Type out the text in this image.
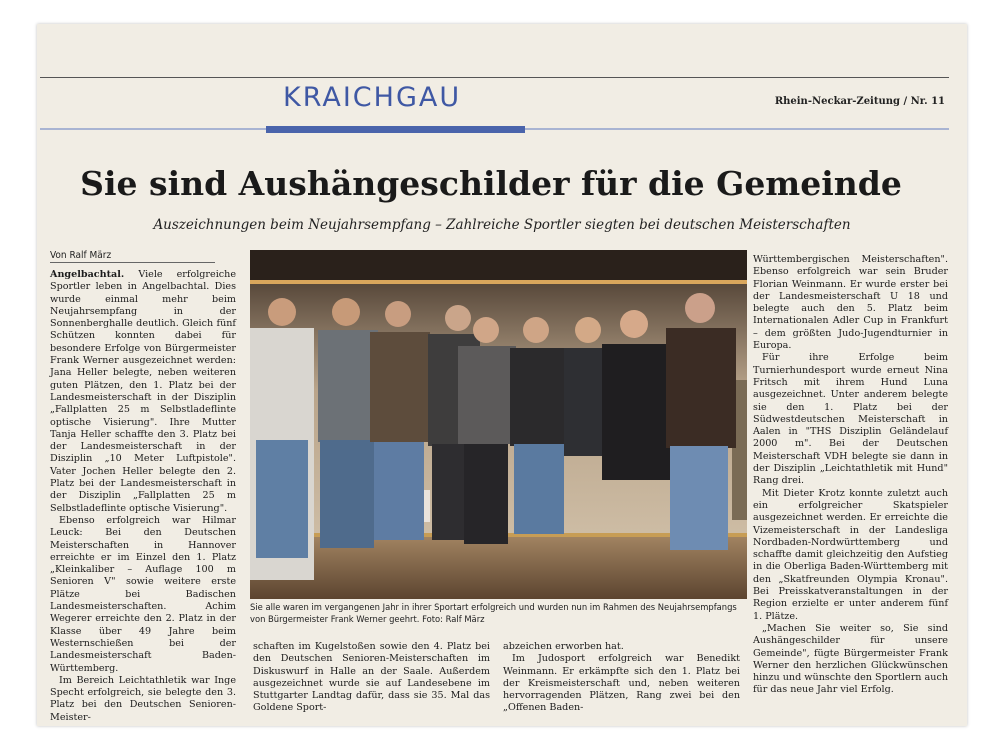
KRAICHGAU	Rhein-Neckar-Zeitung / Nr. 11
Sie sind Aushängeschilder für die Gemeinde
Auszeichnungen beim Neujahrsempfang – Zahlreiche Sportler siegten bei deutschen Meisterschaften
Von Ralf März

Angelbachtal. Viele erfolgreiche Sportler leben in Angelbachtal. Dies wurde einmal mehr beim Neujahrsempfang in der Sonnenberghalle deutlich. Gleich fünf Schützen konnten dabei für besondere Erfolge von Bürgermeister Frank Werner ausgezeichnet werden: Jana Heller belegte, neben weiteren guten Plätzen, den 1. Platz bei der Landesmeisterschaft in der Disziplin „Fallplatten 25 m Selbstladeflinte optische Visierung". Ihre Mutter Tanja Heller schaffte den 3. Platz bei der Landesmeisterschaft in der Disziplin „10 Meter Luftpistole". Vater Jochen Heller belegte den 2. Platz bei der Landesmeisterschaft in der Disziplin „Fallplatten 25 m Selbstladeflinte optische Visierung".

Ebenso erfolgreich war Hilmar Leuck: Bei den Deutschen Meisterschaften in Hannover erreichte er im Einzel den 1. Platz „Kleinkaliber – Auflage 100 m Senioren V" sowie weitere erste Plätze bei Badischen Landesmeisterschaften. Achim Wegerer erreichte den 2. Platz in der Klasse über 49 Jahre beim Westernschießen bei der Landesmeisterschaft Baden-Württemberg.

Im Bereich Leichtathletik war Inge Specht erfolgreich, sie belegte den 3. Platz bei den Deutschen Senioren-Meister-

Sie alle waren im vergangenen Jahr in ihrer Sportart erfolgreich und wurden nun im Rahmen des Neujahrsempfangs von Bürgermeister Frank Werner geehrt. Foto: Ralf März

schaften im Kugelstoßen sowie den 4. Platz bei den Deutschen Senioren-Meisterschaften im Diskuswurf in Halle an der Saale. Außerdem ausgezeichnet wurde sie auf Landesebene im Stuttgarter Landtag dafür, dass sie 35. Mal das Goldene Sport-

abzeichen erworben hat.

Im Judosport erfolgreich war Benedikt Weinmann. Er erkämpfte sich den 1. Platz bei der Kreismeisterschaft und, neben weiteren hervorragenden Plätzen, Rang zwei bei den „Offenen Baden-

Württembergischen Meisterschaften". Ebenso erfolgreich war sein Bruder Florian Weinmann. Er wurde erster bei der Landesmeisterschaft U 18 und belegte auch den 5. Platz beim Internationalen Adler Cup in Frankfurt – dem größten Judo-Jugendturnier in Europa.

Für ihre Erfolge beim Turnierhundesport wurde erneut Nina Fritsch mit ihrem Hund Luna ausgezeichnet. Unter anderem belegte sie den 1. Platz bei der Südwestdeutschen Meisterschaft in Aalen in "THS Disziplin Geländelauf 2000 m". Bei der Deutschen Meisterschaft VDH belegte sie dann in der Disziplin „Leichtathletik mit Hund" Rang drei.

Mit Dieter Krotz konnte zuletzt auch ein erfolgreicher Skatspieler ausgezeichnet werden. Er erreichte die Vizemeisterschaft in der Landesliga Nordbaden-Nordwürttemberg und schaffte damit gleichzeitig den Aufstieg in die Oberliga Baden-Württemberg mit den „Skatfreunden Olympia Kronau". Bei Preisskatveranstaltungen in der Region erzielte er unter anderem fünf 1. Plätze.

„Machen Sie weiter so, Sie sind Aushängeschilder für unsere Gemeinde", fügte Bürgermeister Frank Werner den herzlichen Glückwünschen hinzu und wünschte den Sportlern auch für das neue Jahr viel Erfolg.
